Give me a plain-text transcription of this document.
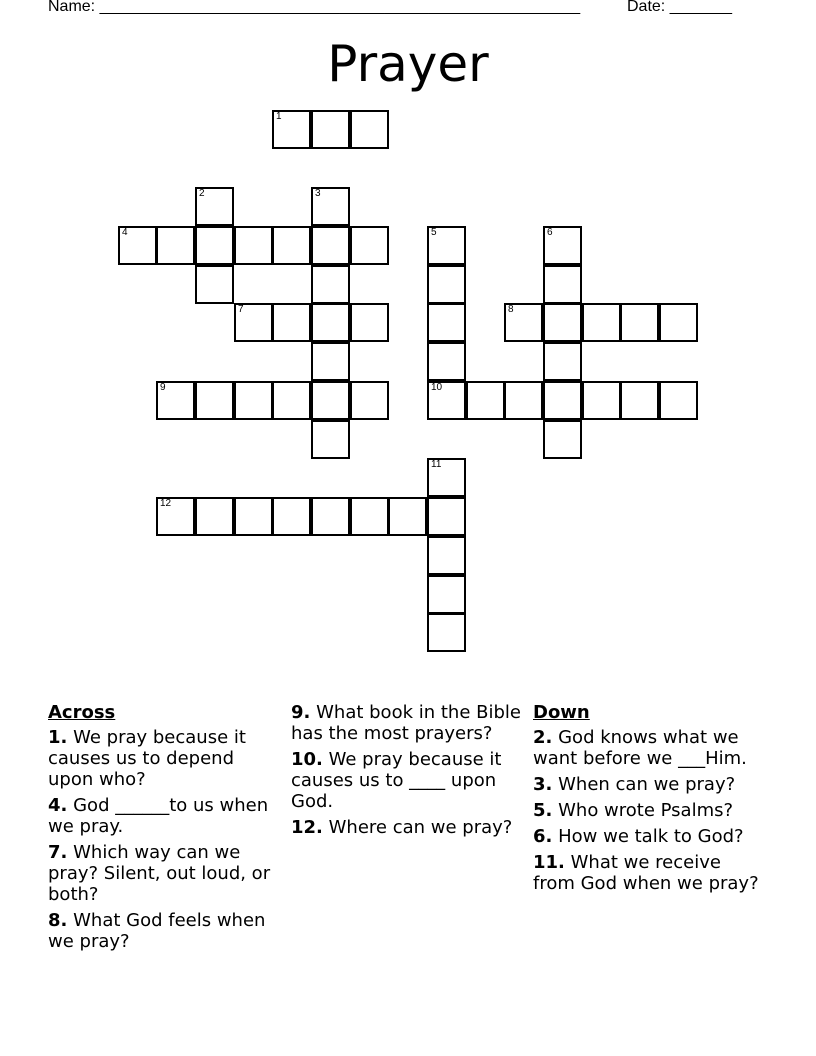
Name: ______________________________________________________	Date: _______
Prayer
1
2	3
4	5	6
7	8
9	10
11
12
Across
1. We pray because it causes us to depend upon who?
4. God ______to us when we pray.
7. Which way can we pray? Silent, out loud, or both?
8. What God feels when we pray?
9. What book in the Bible has the most prayers?
10. We pray because it causes us to ____ upon God.
12. Where can we pray?
Down
2. God knows what we want before we ___Him.
3. When can we pray?
5. Who wrote Psalms?
6. How we talk to God?
11. What we receive from God when we pray?
